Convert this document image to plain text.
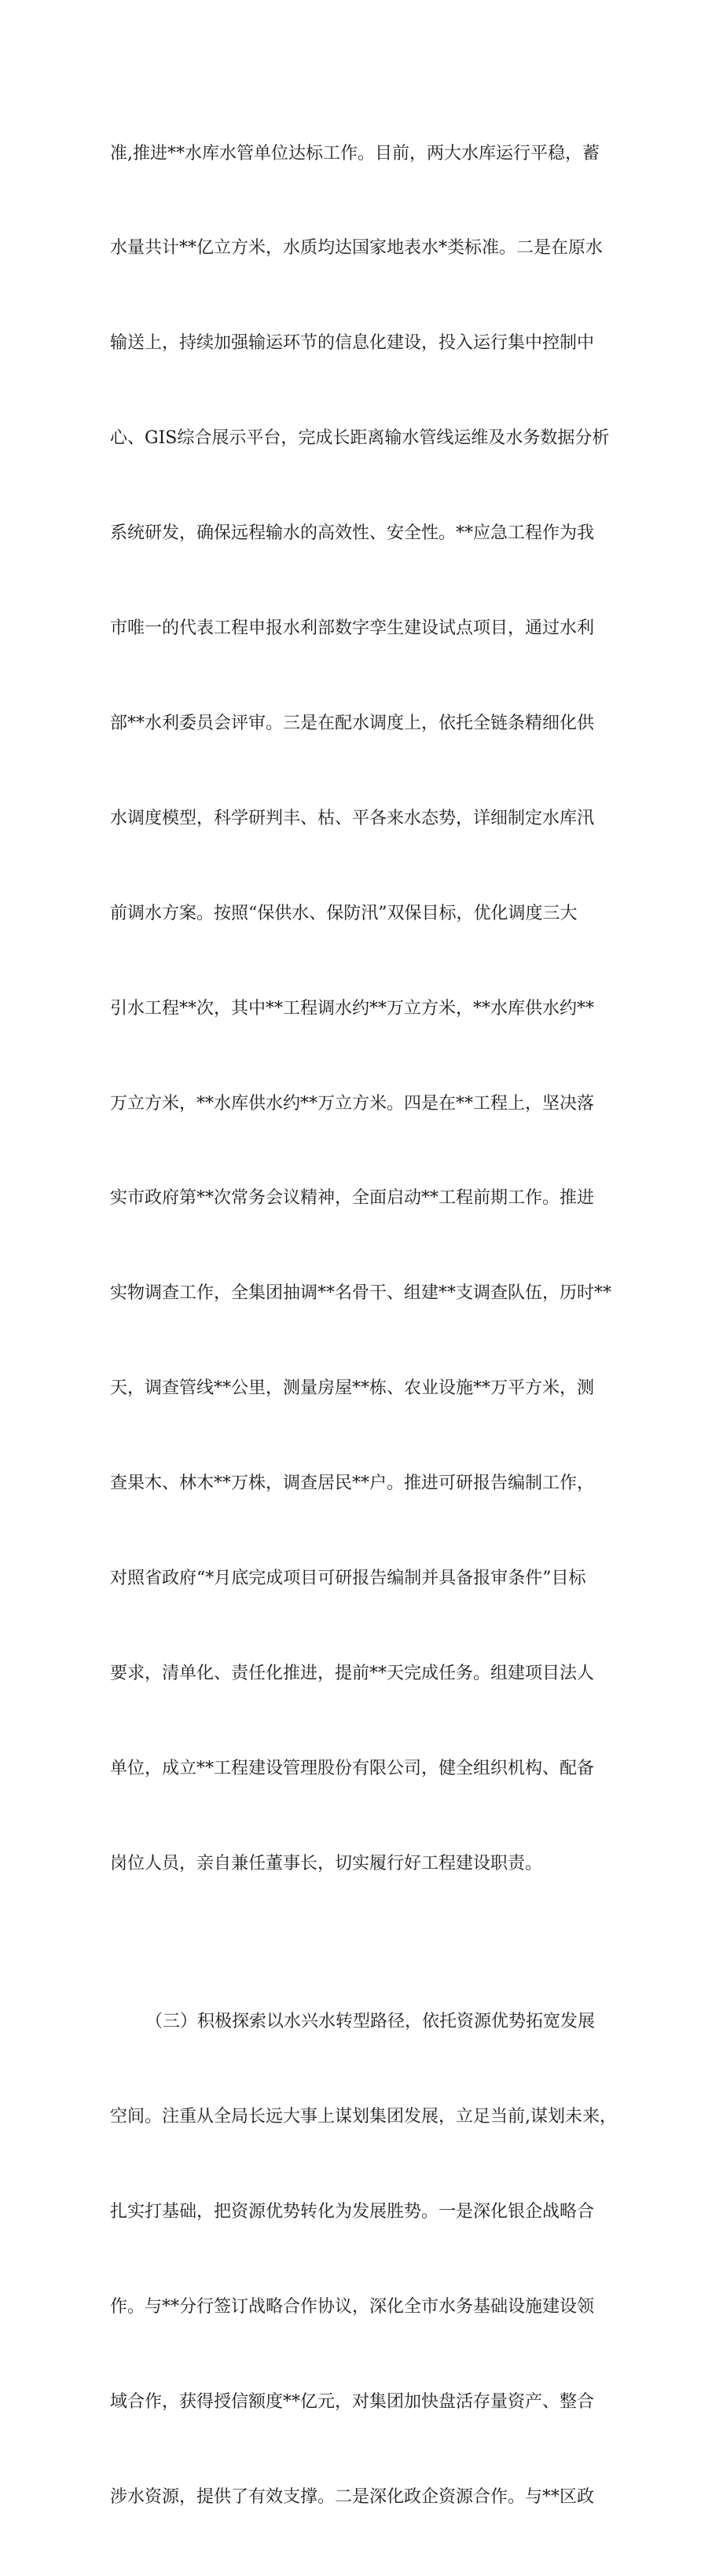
准,推进**水库水管单位达标工作。目前，两大水库运行平稳，蓄

水量共计**亿立方米，水质均达国家地表水*类标准。二是在原水

输送上，持续加强输运环节的信息化建设，投入运行集中控制中

心、GIS综合展示平台，完成长距离输水管线运维及水务数据分析

系统研发，确保远程输水的高效性、安全性。**应急工程作为我

市唯一的代表工程申报水利部数字孪生建设试点项目，通过水利

部**水利委员会评审。三是在配水调度上，依托全链条精细化供

水调度模型，科学研判丰、枯、平各来水态势，详细制定水库汛

前调水方案。按照“保供水、保防汛”双保目标，优化调度三大

引水工程**次，其中**工程调水约**万立方米，**水库供水约**

万立方米，**水库供水约**万立方米。四是在**工程上，坚决落

实市政府第**次常务会议精神，全面启动**工程前期工作。推进

实物调查工作，全集团抽调**名骨干、组建**支调查队伍，历时**

天，调查管线**公里，测量房屋**栋、农业设施**万平方米，测

查果木、林木**万株，调查居民**户。推进可研报告编制工作，

对照省政府“*月底完成项目可研报告编制并具备报审条件”目标

要求，清单化、责任化推进，提前**天完成任务。组建项目法人

单位，成立**工程建设管理股份有限公司，健全组织机构、配备

岗位人员，亲自兼任董事长，切实履行好工程建设职责。

（三）积极探索以水兴水转型路径，依托资源优势拓宽发展

空间。注重从全局长远大事上谋划集团发展，立足当前,谋划未来，

扎实打基础，把资源优势转化为发展胜势。一是深化银企战略合

作。与**分行签订战略合作协议，深化全市水务基础设施建设领

域合作，获得授信额度**亿元，对集团加快盘活存量资产、整合

涉水资源，提供了有效支撑。二是深化政企资源合作。与**区政
